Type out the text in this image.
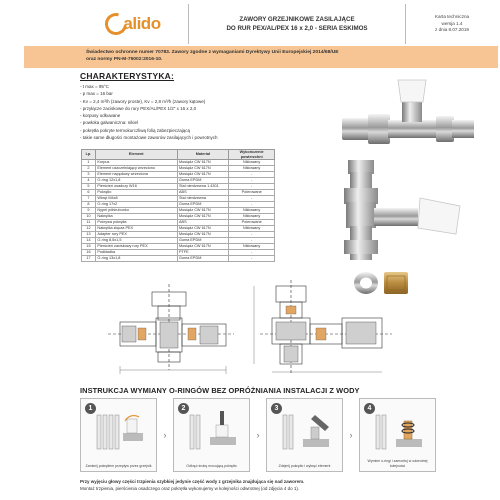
alido	ZAWORY GRZEJNIKOWE ZASILAJĄCE
DO RUR PEX/AL/PEX 16 x 2,0 - SERIA ESKIMOS
Karta techniczna
wersja 1.4
z dnia 8.07.2019
Świadectwo ochronne numer 70783. Zawory zgodne z wymaganiami Dyrektywy Unii Europejskiej 2014/68/UE
oraz normy PN-M-75002:2016-10.
CHARAKTERYSTYKA:
- t max = 95°C
- p max = 16 bar
- Kv = 2,4 m³/h (zawory proste), Kv = 2,8 m³/h (zawory kątowe)
- przyłącze zaciskowe do rury PEX/AL/PEX 1/2" x 16 x 2,0
- korpusy odkuwane
- powłoka galwaniczna: nikiel
- pokrętła pokryte termokurczliwą folią zabezpieczającą
- takie same długości montażowe zaworów zasilających i powrotnych
Lp.	Element	Materiał	Wykończenie powierzchni
1	Korpus	Mosiądz CW 617N	Niklowany
2	Element uszczelniający wrzeciono	Mosiądz CW 617N	Niklowany
3	Element napędowy wrzeciona	Mosiądz CW 617N	-
4	O-ring 12x1,8	Guma EPDM	-
5	Pierścień osadczy W16	Stal nierdzewna 1.4301	-
6	Pokrętło	ABS	Polerowane
7	Wkręt M4x8	Stal nierdzewna	-
8	O-ring 17x2	Guma EPDM	-
9	Nypel półśrubunku	Mosiądz CW 617N	Niklowany
10	Nakrętka	Mosiądz CW 617N	Niklowany
11	Pokrywa pokrętła	ABS	Polerowane
12	Nakrętka złącza PEX	Mosiądz CW 617N	Niklowany
13	Adapter rury PEX	Mosiądz CW 617N	-
14	O-ring 8,5x1,5	Guma EPDM	-
15	Pierścień zaciskowy rury PEX	Mosiądz CW 617N	Niklowany
16	Podkładka	PTFE	-
17	O-ring 13x1,8	Guma EPDM	-
INSTRUKCJA WYMIANY O-RINGÓW BEZ OPRÓŻNIANIA INSTALACJI Z WODY
1
Zamknij pokrętłem przepływ przez grzejnik
›
2
Odkręć śrubę mocującą pokrętło
›
3
Zdejmij pokrętło i wykręć element
›
4
Wymień o-ringi i zamontuj w odwrotnej kolejności
Przy wyjęciu głowy części trzpienia szybkiej jedynie część wody z grzejnika znajdująca się nad zaworem.
Montaż trzpienia, pierścienia osadczego oraz pokrętła wykonujemy w kolejności odwrotnej (od zdjęcia 4 do 1).
